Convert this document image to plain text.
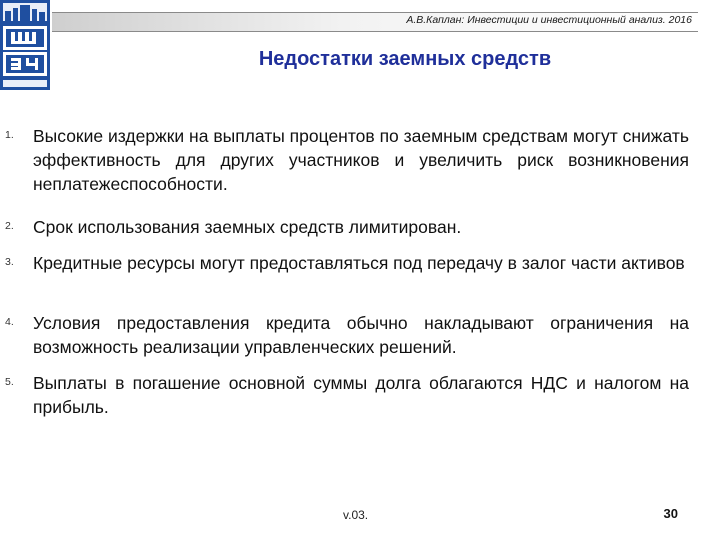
А.В.Каплан: Инвестиции и инвестиционный анализ. 2016
Недостатки заемных средств
1. Высокие издержки на выплаты процентов по заемным средствам могут снижать эффективность для других участников и увеличить риск возникновения неплатежеспособности.
2. Срок использования заемных средств лимитирован.
3. Кредитные ресурсы могут предоставляться под передачу в залог части активов
4. Условия предоставления кредита обычно накладывают ограничения на возможность реализации управленческих решений.
5. Выплаты в погашение основной суммы долга облагаются НДС и налогом на прибыль.
v.03.	30
